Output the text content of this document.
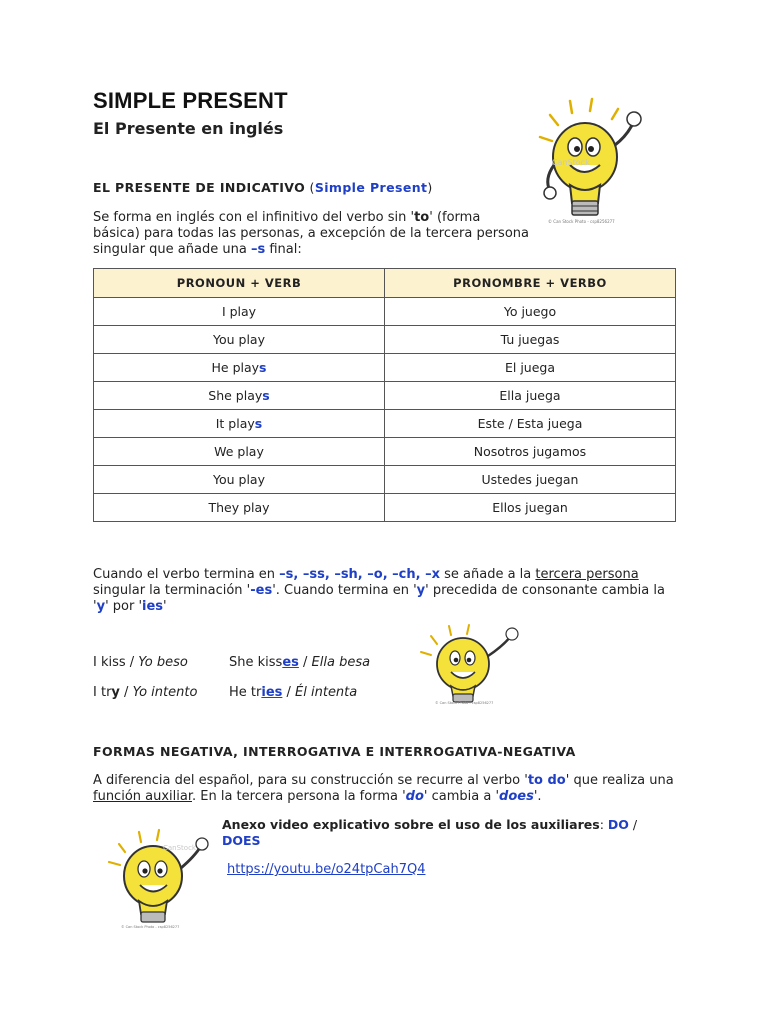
SIMPLE PRESENT
El Presente en inglés
CanStock
© Can Stock Photo - csp8256277
EL PRESENTE DE INDICATIVO (Simple Present)
Se forma en inglés con el infinitivo del verbo sin 'to' (forma
básica) para todas las personas, a excepción de la tercera persona
singular que añade una –s final:
PRONOUN + VERB	PRONOMBRE + VERBO
I play	Yo juego
You play	Tu juegas
He plays	El juega
She plays	Ella juega
It plays	Este / Esta juega
We play	Nosotros jugamos
You play	Ustedes juegan
They play	Ellos juegan
Cuando el verbo termina en –s, –ss, –sh, –o, –ch, –x se añade a la tercera persona
singular la terminación '-es'. Cuando termina en 'y' precedida de consonante cambia la
'y' por 'ies'
© Can Stock Photo - csp8256277
I kiss / Yo beso	She kisses / Ella besa
I try / Yo intento He tries / Él intenta
FORMAS NEGATIVA, INTERROGATIVA E INTERROGATIVA-NEGATIVA
A diferencia del español, para su construcción se recurre al verbo 'to do' que realiza una
función auxiliar. En la tercera persona la forma 'do' cambia a 'does'.
CanStock
© Can Stock Photo - csp8256277
Anexo video explicativo sobre el uso de los auxiliares: DO /
DOES
https://youtu.be/o24tpCah7Q4
